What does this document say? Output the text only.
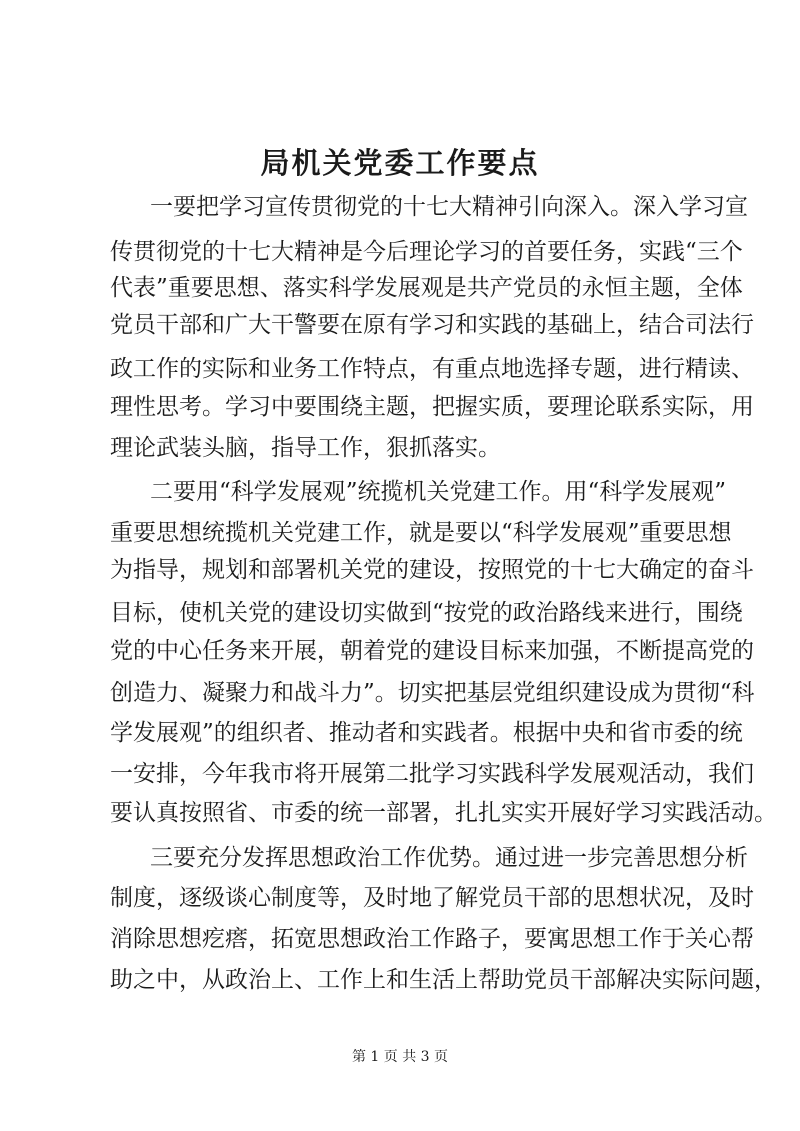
局机关党委工作要点
一要把学习宣传贯彻党的十七大精神引向深入。深入学习宣
传贯彻党的十七大精神是今后理论学习的首要任务，实践“三个
代表”重要思想、落实科学发展观是共产党员的永恒主题，全体
党员干部和广大干警要在原有学习和实践的基础上，结合司法行
政工作的实际和业务工作特点，有重点地选择专题，进行精读、
理性思考。学习中要围绕主题，把握实质，要理论联系实际，用
理论武装头脑，指导工作，狠抓落实。
二要用“科学发展观”统揽机关党建工作。用“科学发展观”
重要思想统揽机关党建工作，就是要以“科学发展观”重要思想
为指导，规划和部署机关党的建设，按照党的十七大确定的奋斗
目标，使机关党的建设切实做到“按党的政治路线来进行，围绕
党的中心任务来开展，朝着党的建设目标来加强，不断提高党的
创造力、凝聚力和战斗力”。切实把基层党组织建设成为贯彻“科
学发展观”的组织者、推动者和实践者。根据中央和省市委的统
一安排，今年我市将开展第二批学习实践科学发展观活动，我们
要认真按照省、市委的统一部署，扎扎实实开展好学习实践活动。
三要充分发挥思想政治工作优势。通过进一步完善思想分析
制度，逐级谈心制度等，及时地了解党员干部的思想状况，及时
消除思想疙瘩，拓宽思想政治工作路子，要寓思想工作于关心帮
助之中，从政治上、工作上和生活上帮助党员干部解决实际问题，
第 1 页 共 3 页
